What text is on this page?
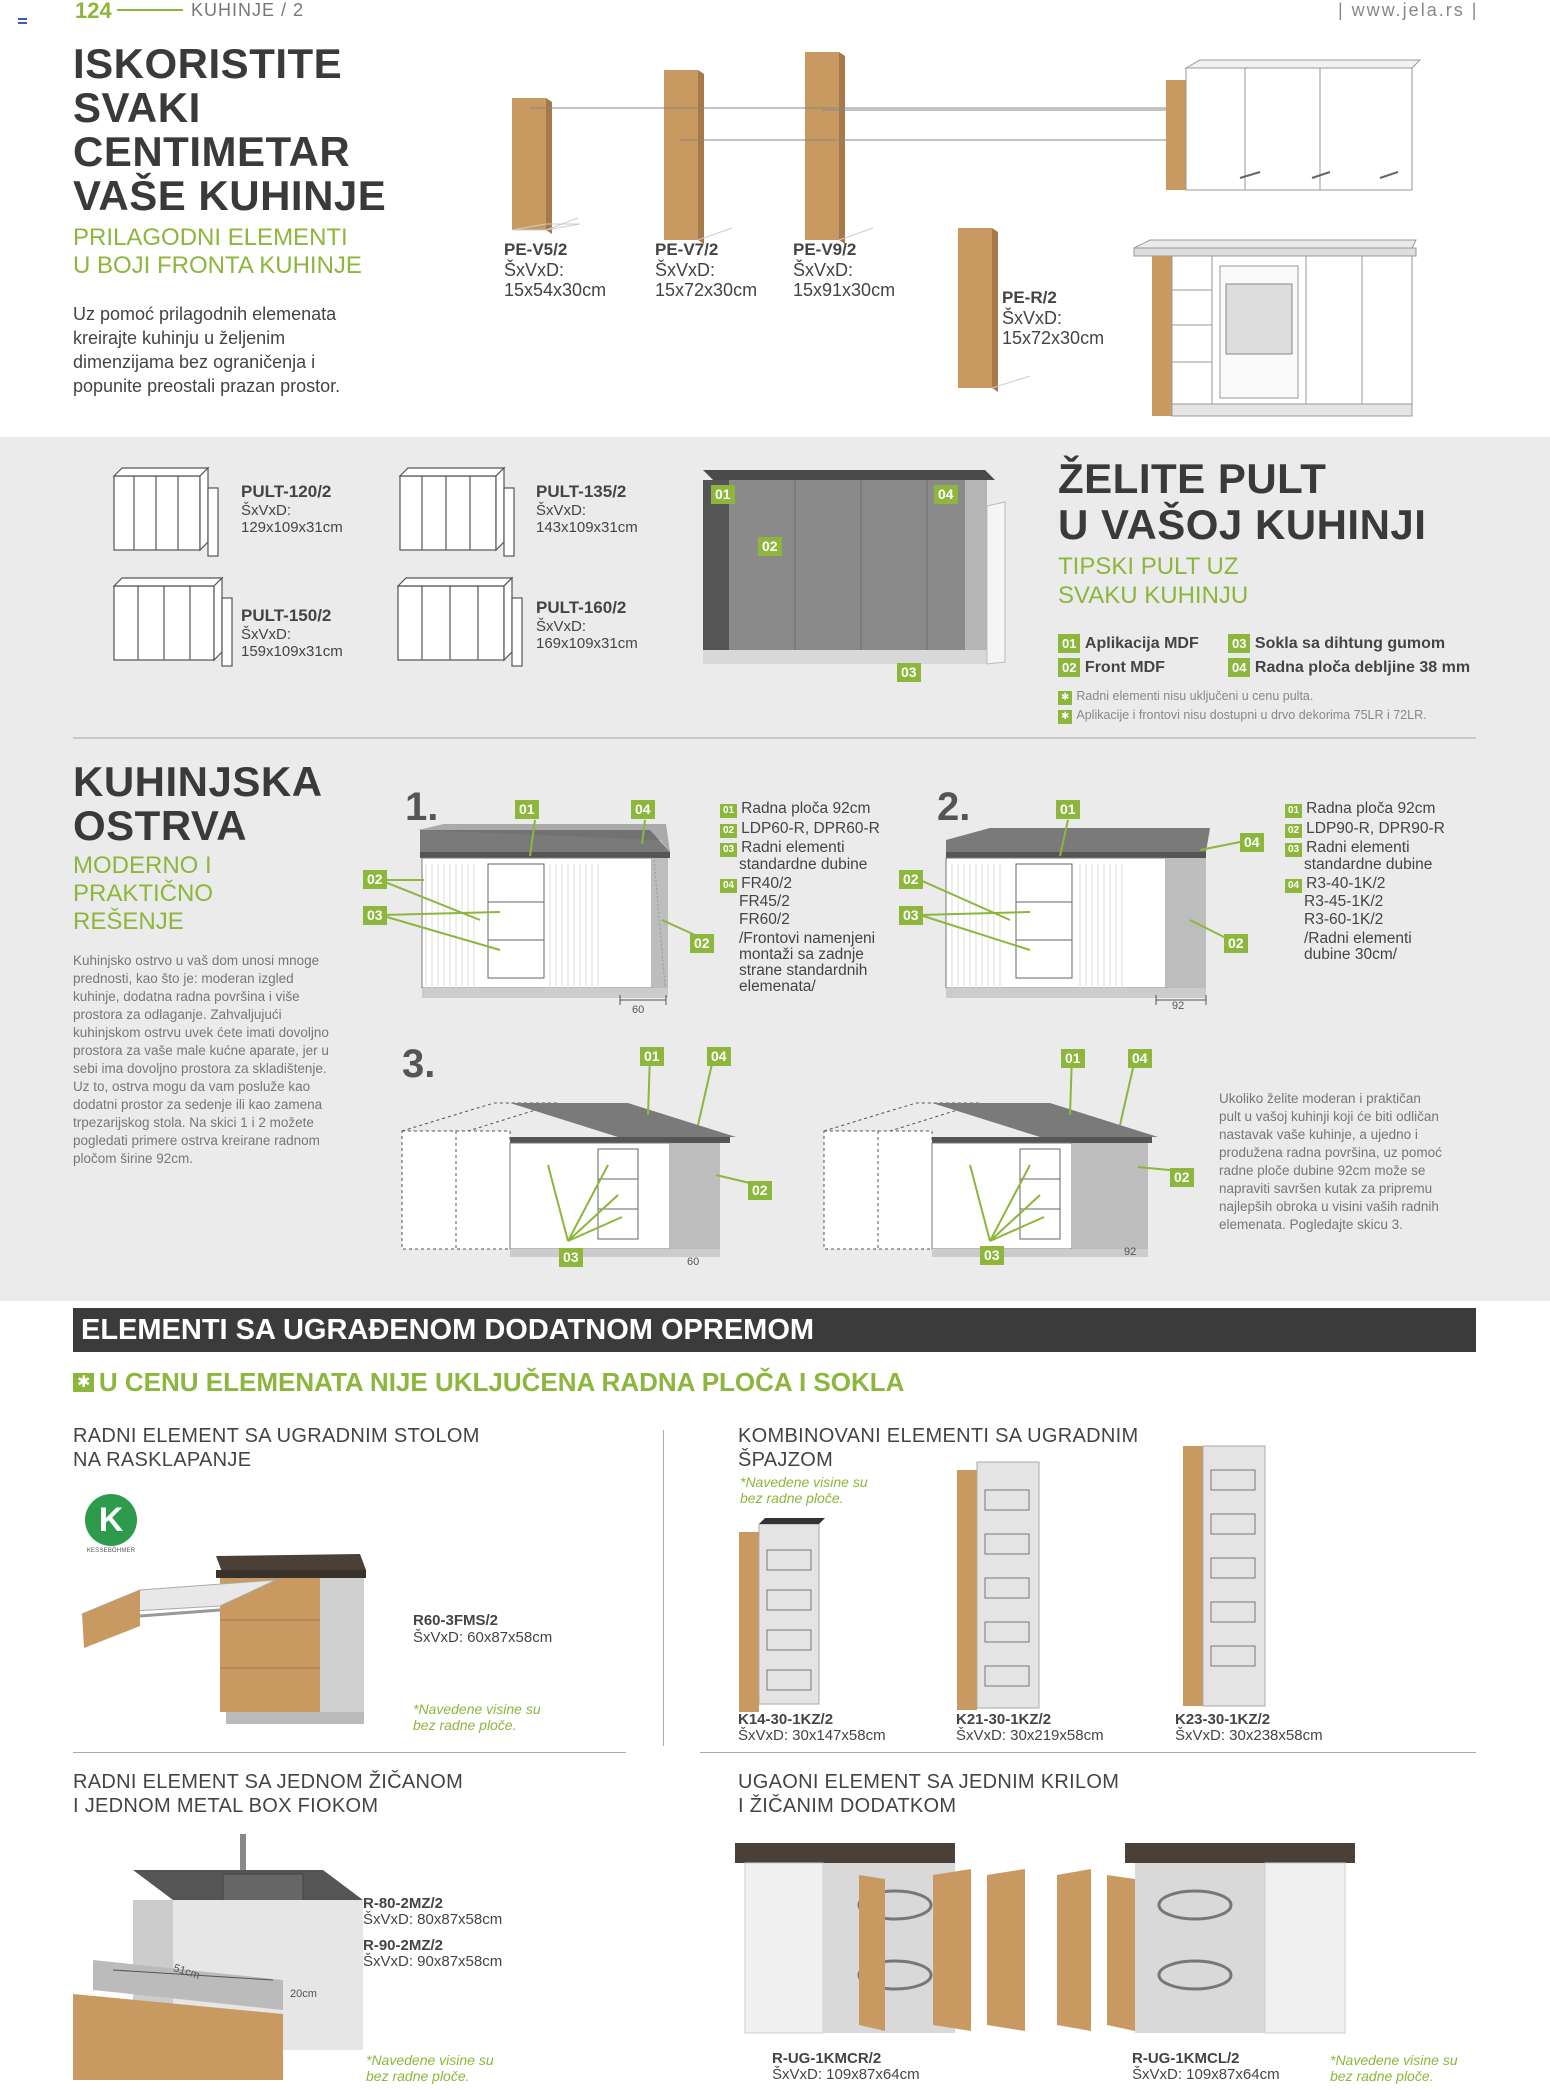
124	KUHINJE / 2	| www.jela.rs |
ISKORISTITE
SVAKI
CENTIMETAR
VAŠE KUHINJE
PRILAGODNI ELEMENTI
U BOJI FRONTA KUHINJE
Uz pomoć prilagodnih elemenata
kreirajte kuhinju u željenim
dimenzijama bez ograničenja i
popunite preostali prazan prostor.
PE-V5/2
ŠxVxD:
15x54x30cm
PE-V7/2
ŠxVxD:
15x72x30cm
PE-V9/2
ŠxVxD:
15x91x30cm	PE-R/2
ŠxVxD:
15x72x30cm
PULT-120/2
ŠxVxD:
129x109x31cm
PULT-135/2
ŠxVxD:
143x109x31cm
PULT-150/2
ŠxVxD:
159x109x31cm
PULT-160/2
ŠxVxD:
169x109x31cm
01	04
02
03
ŽELITE PULT
U VAŠOJ KUHINJI
TIPSKI PULT UZ
SVAKU KUHINJU
01 Aplikacija MDF
02 Front MDF
03 Sokla sa dihtung gumom
04 Radna ploča debljine 38 mm
✱ Radni elementi nisu uključeni u cenu pulta.
✱ Aplikacije i frontovi nisu dostupni u drvo dekorima 75LR i 72LR.
KUHINJSKA
OSTRVA
MODERNO I
PRAKTIČNO
REŠENJE
Kuhinjsko ostrvo u vaš dom unosi mnoge
prednosti, kao što je: moderan izgled
kuhinje, dodatna radna površina i više
prostora za odlaganje. Zahvaljujući
kuhinjskom ostrvu uvek ćete imati dovoljno
prostora za vaše male kućne aparate, jer u
sebi ima dovoljno prostora za skladištenje.
Uz to, ostrva mogu da vam posluže kao
dodatni prostor za sedenje ili kao zamena
trpezarijskog stola. Na skici 1 i 2 možete
pogledati primere ostrva kreirane radnom
pločom širine 92cm.
1.	01	04
02
03
02
60
01 Radna ploča 92cm
02 LDP60-R, DPR60-R
03 Radni elementi
standardne dubine
04 FR40/2
FR45/2
FR60/2
/Frontovi namenjeni
montaži sa zadnje
strane standardnih
elemenata/
2.	01
04
02
03
02
92
01 Radna ploča 92cm
02 LDP90-R, DPR90-R
03 Radni elementi
standardne dubine
04 R3-40-1K/2
R3-45-1K/2
R3-60-1K/2
/Radni elementi
dubine 30cm/
3.	01	04
02
03	60
01	04
02
03	92
Ukoliko želite moderan i praktičan
pult u vašoj kuhinji koji će biti odličan
nastavak vaše kuhinje, a ujedno i
produžena radna površina, uz pomoć
radne ploče dubine 92cm može se
napraviti savršen kutak za pripremu
najlepših obroka u visini vaših radnih
elemenata. Pogledajte skicu 3.
ELEMENTI SA UGRAĐENOM DODATNOM OPREMOM
✱ U CENU ELEMENATA NIJE UKLJUČENA RADNA PLOČA I SOKLA
RADNI ELEMENT SA UGRADNIM STOLOM
NA RASKLAPANJE
K
KESSEBÖHMER
R60-3FMS/2
ŠxVxD: 60x87x58cm
*Navedene visine su
bez radne ploče.
KOMBINOVANI ELEMENTI SA UGRADNIM
ŠPAJZOM
*Navedene visine su
bez radne ploče.
K14-30-1KZ/2
ŠxVxD: 30x147x58cm
K21-30-1KZ/2
ŠxVxD: 30x219x58cm
K23-30-1KZ/2
ŠxVxD: 30x238x58cm
RADNI ELEMENT SA JEDNOM ŽIČANOM
I JEDNOM METAL BOX FIOKOM
51cm
20cm
R-80-2MZ/2
ŠxVxD: 80x87x58cm
R-90-2MZ/2
ŠxVxD: 90x87x58cm
*Navedene visine su
bez radne ploče.
UGAONI ELEMENT SA JEDNIM KRILOM
I ŽIČANIM DODATKOM
R-UG-1KMCR/2
ŠxVxD: 109x87x64cm
R-UG-1KMCL/2
ŠxVxD: 109x87x64cm
*Navedene visine su
bez radne ploče.
